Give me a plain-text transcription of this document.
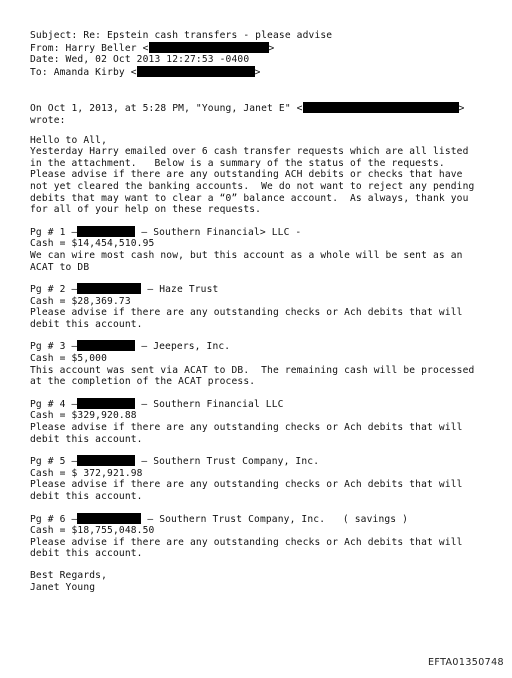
Subject: Re: Epstein cash transfers - please advise
From: Harry Beller <	>
Date: Wed, 02 Oct 2013 12:27:53 -0400
To: Amanda Kirby <	>
On Oct 1, 2013, at 5:28 PM, "Young, Janet E" <	>
wrote:
Hello to All,
Yesterday Harry emailed over 6 cash transfer requests which are all listed
in the attachment.   Below is a summary of the status of the requests.
Please advise if there are any outstanding ACH debits or checks that have
not yet cleared the banking accounts.  We do not want to reject any pending
debits that may want to clear a “0” balance account.  As always, thank you
for all of your help on these requests.
Pg # 1 –	– Southern Financial> LLC -
Cash = $14,454,510.95
We can wire most cash now, but this account as a whole will be sent as an
ACAT to DB
Pg # 2 –	– Haze Trust
Cash = $28,369.73
Please advise if there are any outstanding checks or Ach debits that will
debit this account.
Pg # 3 –	– Jeepers, Inc.
Cash = $5,000
This account was sent via ACAT to DB.  The remaining cash will be processed
at the completion of the ACAT process.
Pg # 4 –	– Southern Financial LLC
Cash = $329,920.88
Please advise if there are any outstanding checks or Ach debits that will
debit this account.
Pg # 5 –	– Southern Trust Company, Inc.
Cash = $ 372,921.98
Please advise if there are any outstanding checks or Ach debits that will
debit this account.
Pg # 6 –	– Southern Trust Company, Inc.   ( savings )
Cash = $18,755,048.50
Please advise if there are any outstanding checks or Ach debits that will
debit this account.
Best Regards,
Janet Young
EFTA01350748
